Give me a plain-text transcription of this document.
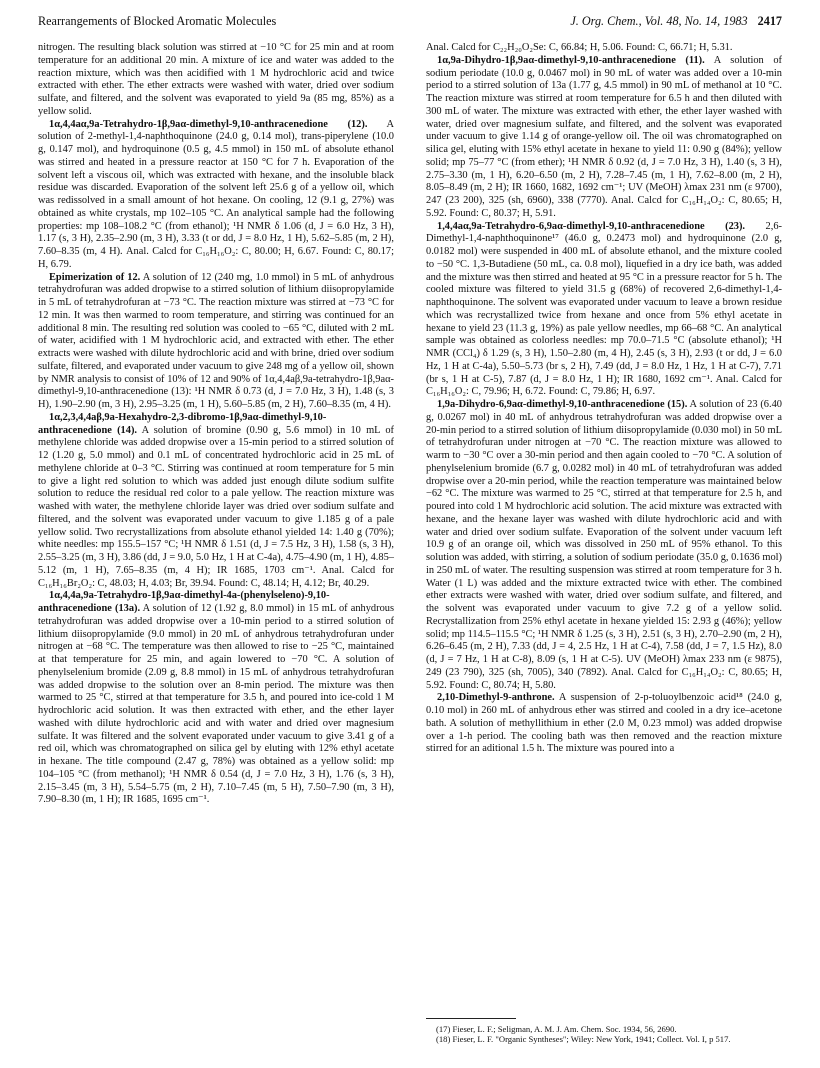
Rearrangements of Blocked Aromatic Molecules	J. Org. Chem., Vol. 48, No. 14, 1983 2417

nitrogen. The resulting black solution was stirred at −10 °C for 25 min and at room temperature for an additional 20 min. A mixture of ice and water was added to the reaction mixture, which was then acidified with 1 M hydrochloric acid and twice extracted with ether. The ether extracts were washed with water, dried over sodium sulfate, and filtered, and the solvent was evaporated to yield 9a (85 mg, 85%) as a yellow solid.

1α,4,4aα,9a-Tetrahydro-1β,9aα-dimethyl-9,10-anthracenedione (12). A solution of 2-methyl-1,4-naphthoquinone (24.0 g, 0.14 mol), trans-piperylene (10.0 g, 0.147 mol), and hydroquinone (0.5 g, 4.5 mmol) in 150 mL of absolute ethanol was stirred and heated in a pressure reactor at 150 °C for 7 h. Evaporation of the solvent left a viscous oil, which was extracted with hexane, and the insoluble black residue was discarded. Evaporation of the solvent left 25.6 g of a yellow oil, which was redissolved in a small amount of hot hexane. On cooling, 12 (9.1 g, 27%) was obtained as white crystals, mp 102–105 °C. An analytical sample had the following properties: mp 108–108.2 °C (from ethanol); ¹H NMR δ 1.06 (d, J = 6.0 Hz, 3 H), 1.17 (s, 3 H), 2.35–2.90 (m, 3 H), 3.33 (t or dd, J = 8.0 Hz, 1 H), 5.62–5.85 (m, 2 H), 7.60–8.35 (m, 4 H). Anal. Calcd for C₁₆H₁₆O₂: C, 80.00; H, 6.67. Found: C, 80.17; H, 6.79.

Epimerization of 12. A solution of 12 (240 mg, 1.0 mmol) in 5 mL of anhydrous tetrahydrofuran was added dropwise to a stirred solution of lithium diisopropylamide in 5 mL of tetrahydrofuran at −73 °C. The reaction mixture was stirred at −73 °C for 12 min. It was then warmed to room temperature, and stirring was continued for an additional 8 min. The resulting red solution was cooled to −65 °C, diluted with 2 mL of water, acidified with 1 M hydrochloric acid, and extracted with ether. The ether extracts were washed with dilute hydrochloric acid and with brine, dried over sodium sulfate, filtered, and evaporated under vacuum to give 248 mg of a yellow oil, shown by NMR analysis to consist of 10% of 12 and 90% of 1α,4,4aβ,9a-tetrahydro-1β,9aα-dimethyl-9,10-anthracenedione (13): ¹H NMR δ 0.73 (d, J = 7.0 Hz, 3 H), 1.48 (s, 3 H), 1.90–2.90 (m, 3 H), 2.95–3.25 (m, 1 H), 5.60–5.85 (m, 2 H), 7.60–8.35 (m, 4 H).

1α,2,3,4,4aβ,9a-Hexahydro-2,3-dibromo-1β,9aα-dimethyl-9,10-anthracenedione (14). A solution of bromine (0.90 g, 5.6 mmol) in 10 mL of methylene chloride was added dropwise over a 15-min period to a stirred solution of 12 (1.20 g, 5.0 mmol) and 0.1 mL of concentrated hydrochloric acid in 25 mL of methylene chloride at 0–3 °C. Stirring was continued at room temperature for 5 min to give a light red solution to which was added just enough dilute sodium sulfite solution to reduce the residual red color to a pale yellow. The reaction mixture was washed with water, the methylene chloride layer was dried over sodium sulfate and filtered, and the solvent was evaporated under vacuum to give 1.185 g of a pale yellow solid. Two recrystallizations from absolute ethanol yielded 14: 1.40 g (70%); white needles: mp 155.5–157 °C; ¹H NMR δ 1.51 (d, J = 7.5 Hz, 3 H), 1.58 (s, 3 H), 2.55–3.25 (m, 3 H), 3.86 (dd, J = 9.0, 5.0 Hz, 1 H at C-4a), 4.75–4.90 (m, 1 H), 4.85–5.12 (m, 1 H), 7.65–8.35 (m, 4 H); IR 1685, 1703 cm⁻¹. Anal. Calcd for C₁₆H₁₆Br₂O₂: C, 48.03; H, 4.03; Br, 39.94. Found: C, 48.14; H, 4.12; Br, 40.29.

1α,4,4a,9a-Tetrahydro-1β,9aα-dimethyl-4a-(phenylseleno)-9,10-anthracenedione (13a). A solution of 12 (1.92 g, 8.0 mmol) in 15 mL of anhydrous tetrahydrofuran was added dropwise over a 10-min period to a stirred solution of lithium diisopropylamide (9.0 mmol) in 20 mL of anhydrous tetrahydrofuran under nitrogen at −68 °C. The temperature was then allowed to rise to −25 °C, maintained at that temperature for 25 min, and again lowered to −70 °C. A solution of phenylselenium bromide (2.09 g, 8.8 mmol) in 15 mL of anhydrous tetrahydrofuran was added dropwise to the solution over an 8-min period. The mixture was then warmed to 25 °C, stirred at that temperature for 3.5 h, and poured into ice-cold 1 M hydrochloric acid solution. It was then extracted with ether, and the ether layer washed with dilute hydrochloric acid and with water and dried over magnesium sulfate. It was filtered and the solvent evaporated under vacuum to give 3.41 g of a red oil, which was chromatographed on silica gel by eluting with 12% ethyl acetate in hexane. The title compound (2.47 g, 78%) was obtained as a yellow solid: mp 104–105 °C (from methanol); ¹H NMR δ 0.54 (d, J = 7.0 Hz, 3 H), 1.76 (s, 3 H), 2.15–3.45 (m, 3 H), 5.54–5.75 (m, 2 H), 7.10–7.45 (m, 5 H), 7.50–7.90 (m, 3 H), 7.90–8.30 (m, 1 H); IR 1685, 1695 cm⁻¹.

Anal. Calcd for C₂₂H₂₀O₂Se: C, 66.84; H, 5.06. Found: C, 66.71; H, 5.31.

1α,9a-Dihydro-1β,9aα-dimethyl-9,10-anthracenedione (11). A solution of sodium periodate (10.0 g, 0.0467 mol) in 90 mL of water was added over a 10-min period to a stirred solution of 13a (1.77 g, 4.5 mmol) in 90 mL of methanol at 10 °C. The reaction mixture was stirred at room temperature for 6.5 h and then diluted with 300 mL of water. The mixture was extracted with ether, the ether layer washed with water, dried over magnesium sulfate, and filtered, and the solvent was evaporated under vacuum to give 1.14 g of orange-yellow oil. The oil was chromatographed on silica gel, eluting with 15% ethyl acetate in hexane to yield 11: 0.90 g (84%); yellow solid; mp 75–77 °C (from ether); ¹H NMR δ 0.92 (d, J = 7.0 Hz, 3 H), 1.40 (s, 3 H), 2.75–3.30 (m, 1 H), 6.20–6.50 (m, 2 H), 7.28–7.45 (m, 1 H), 7.62–8.00 (m, 2 H), 8.05–8.49 (m, 2 H); IR 1660, 1682, 1692 cm⁻¹; UV (MeOH) λmax 231 nm (ε 9700), 247 (23 200), 325 (sh, 6960), 338 (7770). Anal. Calcd for C₁₆H₁₄O₂: C, 80.65; H, 5.92. Found: C, 80.37; H, 5.91.

1,4,4aα,9a-Tetrahydro-6,9aα-dimethyl-9,10-anthracenedione (23). 2,6-Dimethyl-1,4-naphthoquinone¹⁷ (46.0 g, 0.2473 mol) and hydroquinone (2.0 g, 0.0182 mol) were suspended in 400 mL of absolute ethanol, and the mixture cooled to −50 °C. 1,3-Butadiene (50 mL, ca. 0.8 mol), liquefied in a dry ice bath, was added and the mixture was then stirred and heated at 95 °C in a pressure reactor for 5 h. The cooled mixture was filtered to yield 31.5 g (68%) of recovered 2,6-dimethyl-1,4-naphthoquinone. The solvent was evaporated under vacuum to leave a brown residue which was recrystallized twice from hexane and once from 5% ethyl acetate in hexane to yield 23 (11.3 g, 19%) as pale yellow needles, mp 66–68 °C. An analytical sample was obtained as colorless needles: mp 70.0–71.5 °C (absolute ethanol); ¹H NMR (CCl₄) δ 1.29 (s, 3 H), 1.50–2.80 (m, 4 H), 2.45 (s, 3 H), 2.93 (t or dd, J = 6.0 Hz, 1 H at C-4a), 5.50–5.73 (br s, 2 H), 7.49 (dd, J = 8.0 Hz, 1 Hz, 1 H at C-7), 7.71 (br s, 1 H at C-5), 7.87 (d, J = 8.0 Hz, 1 H); IR 1680, 1692 cm⁻¹. Anal. Calcd for C₁₆H₁₆O₂: C, 79.96; H, 6.72. Found: C, 79.86; H, 6.97.

1,9a-Dihydro-6,9aα-dimethyl-9,10-anthracenedione (15). A solution of 23 (6.40 g, 0.0267 mol) in 40 mL of anhydrous tetrahydrofuran was added dropwise over a 20-min period to a stirred solution of lithium diisopropylamide (0.030 mol) in 50 mL of tetrahydrofuran under nitrogen at −70 °C. The reaction mixture was allowed to warm to −30 °C over a 30-min period and then again cooled to −70 °C. A solution of phenylselenium bromide (6.7 g, 0.0282 mol) in 40 mL of tetrahydrofuran was added dropwise over a 20-min period, while the reaction temperature was maintained below −62 °C. The mixture was warmed to 25 °C, stirred at that temperature for 2.5 h, and poured into cold 1 M hydrochloric acid solution. The acid mixture was extracted with hexane, and the hexane layer was washed with dilute hydrochloric acid and with water and dried over sodium sulfate. Evaporation of the solvent under vacuum left 10.9 g of an orange oil, which was dissolved in 250 mL of 95% ethanol. To this solution was added, with stirring, a solution of sodium periodate (35.0 g, 0.1636 mol) in 250 mL of water. The resulting suspension was stirred at room temperature for 3 h. Water (1 L) was added and the mixture extracted twice with ether. The combined ether extracts were washed with water, dried over sodium sulfate, and filtered, and the solvent was evaporated under vacuum to give 7.2 g of a yellow solid. Recrystallization from 25% ethyl acetate in hexane yielded 15: 2.93 g (46%); yellow solid; mp 114.5–115.5 °C; ¹H NMR δ 1.25 (s, 3 H), 2.51 (s, 3 H), 2.70–2.90 (m, 2 H), 6.26–6.45 (m, 2 H), 7.33 (dd, J = 4, 2.5 Hz, 1 H at C-4), 7.58 (dd, J = 7, 1.5 Hz), 8.0 (d, J = 7 Hz, 1 H at C-8), 8.09 (s, 1 H at C-5). UV (MeOH) λmax 233 nm (ε 9875), 249 (23 790), 325 (sh, 7005), 340 (7892). Anal. Calcd for C₁₆H₁₄O₂: C, 80.65; H, 5.92. Found: C, 80.74; H, 5.80.

2,10-Dimethyl-9-anthrone. A suspension of 2-p-toluoylbenzoic acid¹⁸ (24.0 g, 0.10 mol) in 260 mL of anhydrous ether was stirred and cooled in a dry ice–acetone bath. A solution of methyllithium in ether (2.0 M, 0.23 mmol) was added dropwise over a 1-h period. The cooling bath was then removed and the reaction mixture stirred for an aditional 1.5 h. The mixture was poured into a

(17) Fieser, L. F.; Seligman, A. M. J. Am. Chem. Soc. 1934, 56, 2690.

(18) Fieser, L. F. "Organic Syntheses"; Wiley: New York, 1941; Collect. Vol. I, p 517.
